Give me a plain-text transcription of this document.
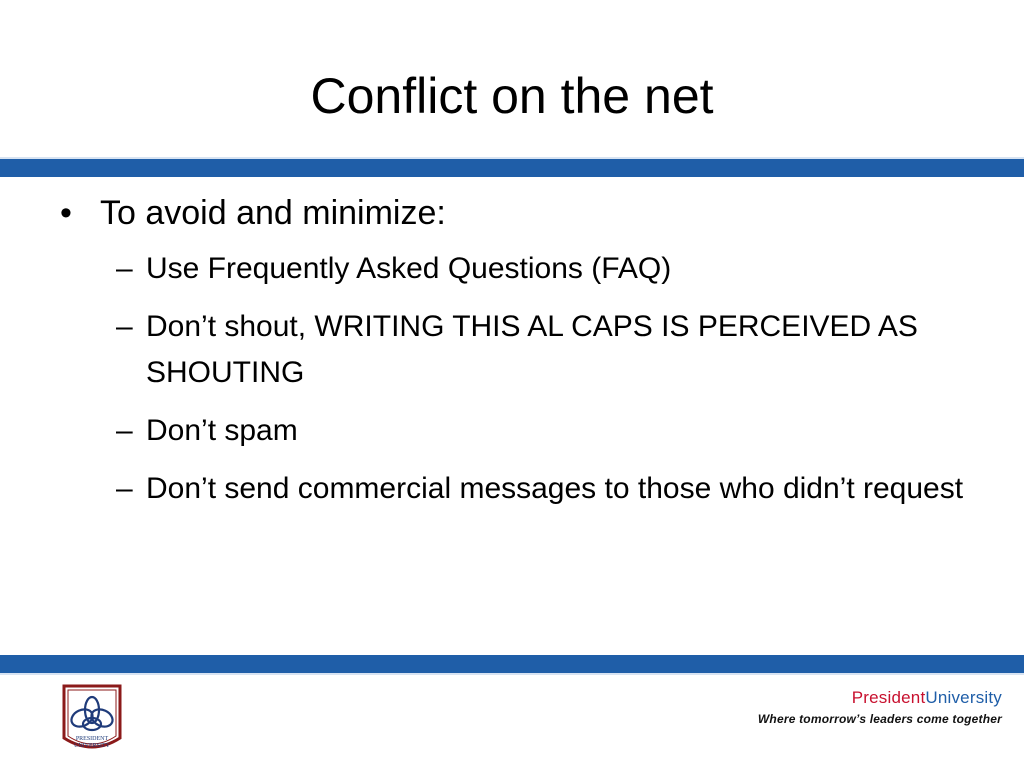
Conflict on the net
• To avoid and minimize:
– Use Frequently Asked Questions (FAQ)
– Don’t shout, WRITING THIS AL CAPS IS PERCEIVED AS SHOUTING
– Don’t spam
– Don’t send commercial messages to those who didn’t request
PRESIDENT
UNIVERSITY
PresidentUniversity
Where tomorrow’s leaders come together
